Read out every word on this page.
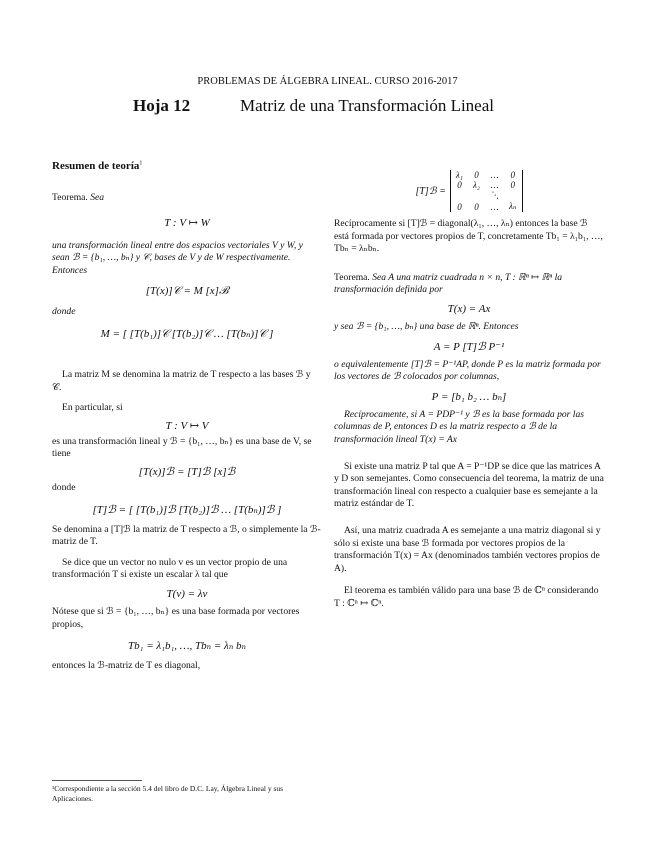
PROBLEMAS DE ÁLGEBRA LINEAL. CURSO 2016-2017
Hoja 12	Matriz de una Transformación Lineal
Resumen de teoría$^1$

Teorema. Sea

T : V ↦ W

una transformación lineal entre dos espacios vectoriales V y W, y sean ℬ = {b₁, …, bₙ} y 𝒞, bases de V y de W respectivamente. Entonces

[T(x)]𝒞 = M [x]ℬ

donde

M = [ [T(b₁)]𝒞 [T(b₂)]𝒞 … [T(bₙ)]𝒞 ]

La matriz M se denomina la matriz de T respecto a las bases ℬ y 𝒞.

En particular, si

T : V ↦ V

es una transformación lineal y ℬ = {b₁, …, bₙ} es una base de V, se tiene

[T(x)]ℬ = [T]ℬ [x]ℬ

donde

[T]ℬ = [ [T(b₁)]ℬ [T(b₂)]ℬ … [T(bₙ)]ℬ ]

Se denomina a [T]ℬ la matriz de T respecto a ℬ, o simplemente la ℬ-matriz de T.

Se dice que un vector no nulo v es un vector propio de una transformación T si existe un escalar λ tal que

T(v) = λv

Nótese que si ℬ = {b₁, …, bₙ} es una base formada por vectores propios,

Tb₁ = λ₁b₁, …, Tbₙ = λₙ bₙ

entonces la ℬ-matriz de T es diagonal,

¹Correspondiente a la sección 5.4 del libro de D.C. Lay, Álgebra Lineal y sus Aplicaciones.
[T]ℬ =
λ₁	0	…	0
0	λ₂	…	0
		⋱	
0	0	…	λₙ

Recíprocamente si [T]ℬ = diagonal(λ₁, …, λₙ) entonces la base ℬ está formada por vectores propios de T, concretamente Tb₁ = λ₁b₁, …, Tbₙ = λₙbₙ.

Teorema. Sea A una matriz cuadrada n × n, T : ℝⁿ ↦ ℝⁿ la transformación definida por

T(x) = Ax

y sea ℬ = {b₁, …, bₙ} una base de ℝⁿ. Entonces

A = P [T]ℬ P⁻¹

o equivalentemente [T]ℬ = P⁻¹AP, donde P es la matriz formada por los vectores de ℬ colocados por columnas,

P = [b₁ b₂ … bₙ]

Recíprocamente, si A = PDP⁻¹ y ℬ es la base formada por las columnas de P, entonces D es la matriz respecto a ℬ de la transformación lineal T(x) = Ax

Si existe una matriz P tal que A = P⁻¹DP se dice que las matrices A y D son semejantes. Como consecuencia del teorema, la matriz de una transformación lineal con respecto a cualquier base es semejante a la matriz estándar de T.

Así, una matriz cuadrada A es semejante a una matriz diagonal si y sólo si existe una base ℬ formada por vectores propios de la transformación T(x) = Ax (denominados también vectores propios de A).

El teorema es también válido para una base ℬ de ℂⁿ considerando T : ℂⁿ ↦ ℂⁿ.
